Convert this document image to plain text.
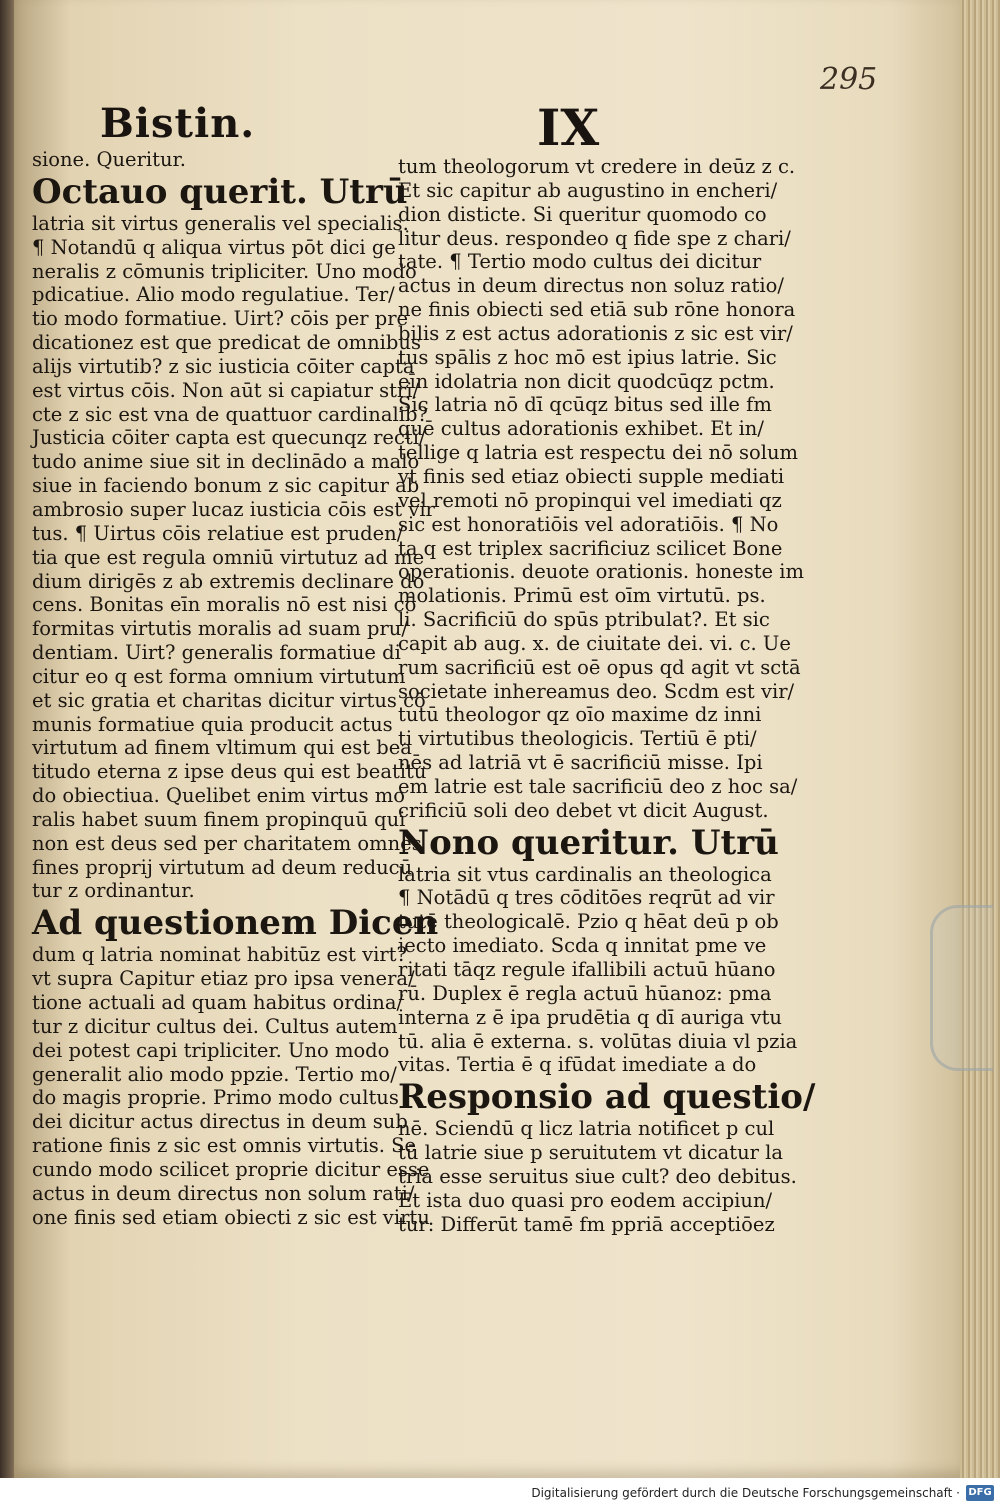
295
Bistin.	IX
sione. Queritur.
Octauo querit. Utrū
latria sit virtus generalis vel specialis.
¶ Notandū q aliqua virtus pōt dici ge
neralis z cōmunis tripliciter. Uno modo
pdicatiue. Alio modo regulatiue. Ter/
tio modo formatiue. Uirt? cōis per pre
dicationez est que predicat de omnibus
alijs virtutib? z sic iusticia cōiter capta
est virtus cōis. Non aūt si capiatur stri/
cte z sic est vna de quattuor cardinalib?
Justicia cōiter capta est quecunqz recti/
tudo anime siue sit in declinādo a malo
siue in faciendo bonum z sic capitur ab
ambrosio super lucaz iusticia cōis est vir
tus. ¶ Uirtus cōis relatiue est pruden/
tia que est regula omniū virtutuz ad me
dium dirigēs z ab extremis declinare do
cens. Bonitas eīn moralis nō est nisi cō
formitas virtutis moralis ad suam pru/
dentiam. Uirt? generalis formatiue di
citur eo q est forma omnium virtutum
et sic gratia et charitas dicitur virtus cō
munis formatiue quia producit actus
virtutum ad finem vltimum qui est bea
titudo eterna z ipse deus qui est beatitu
do obiectiua. Quelibet enim virtus mo
ralis habet suum finem propinquū qui
non est deus sed per charitatem omnes
fines proprij virtutum ad deum reducū
tur z ordinantur.
Ad questionem Dicen
dum q latria nominat habitūz est virt?
vt supra Capitur etiaz pro ipsa venera/
tione actuali ad quam habitus ordina/
tur z dicitur cultus dei. Cultus autem
dei potest capi tripliciter. Uno modo
generalit alio modo ppzie. Tertio mo/
do magis proprie. Primo modo cultus
dei dicitur actus directus in deum sub
ratione finis z sic est omnis virtutis. Se
cundo modo scilicet proprie dicitur esse
actus in deum directus non solum rati/
one finis sed etiam obiecti z sic est virtu
tum theologorum vt credere in deūz z c.
Et sic capitur ab augustino in encheri/
dion disticte. Si queritur quomodo co
litur deus. respondeo q fide spe z chari/
tate. ¶ Tertio modo cultus dei dicitur
actus in deum directus non soluz ratio/
ne finis obiecti sed etiā sub rōne honora
bilis z est actus adorationis z sic est vir/
tus spālis z hoc mō est ipius latrie. Sic
eīn idolatria non dicit quodcūqz pctm.
Sic latria nō dī qcūqz bitus sed ille fm
quē cultus adorationis exhibet. Et in/
tellige q latria est respectu dei nō solum
vt finis sed etiaz obiecti supple mediati
vel remoti nō propinqui vel imediati qz
sic est honoratiōis vel adoratiōis. ¶ No
ta q est triplex sacrificiuz scilicet Bone
operationis. deuote orationis. honeste im
molationis. Primū est oīm virtutū. ps.
li. Sacrificiū do spūs ptribulat?. Et sic
capit ab aug. x. de ciuitate dei. vi. c. Ue
rum sacrificiū est oē opus qd agit vt sctā
societate inhereamus deo. Scdm est vir/
tutū theologor qz oīo maxime dz inni
ti virtutibus theologicis. Tertiū ē pti/
nēs ad latriā vt ē sacrificiū misse. Ipi
em latrie est tale sacrificiū deo z hoc sa/
crificiū soli deo debet vt dicit August.
Nono queritur. Utrū
latria sit vtus cardinalis an theologica
¶ Notādū q tres cōditōes reqrūt ad vir
tutē theologicalē. Pzio q hēat deū p ob
iecto imediato. Scda q innitat pme ve
ritati tāqz regule ifallibili actuū hūano
rū. Duplex ē regla actuū hūanoz: pma
interna z ē ipa prudētia q dī auriga vtu
tū. alia ē externa. s. volūtas diuia vl pzia
vitas. Tertia ē q ifūdat imediate a do
Responsio ad questio/
nē. Sciendū q licz latria notificet p cul
tū latrie siue p seruitutem vt dicatur la
tria esse seruitus siue cult? deo debitus.
Et ista duo quasi pro eodem accipiun/
tur: Differūt tamē fm ppriā acceptiōez
Digitalisierung gefördert durch die Deutsche Forschungsgemeinschaft · DFG
